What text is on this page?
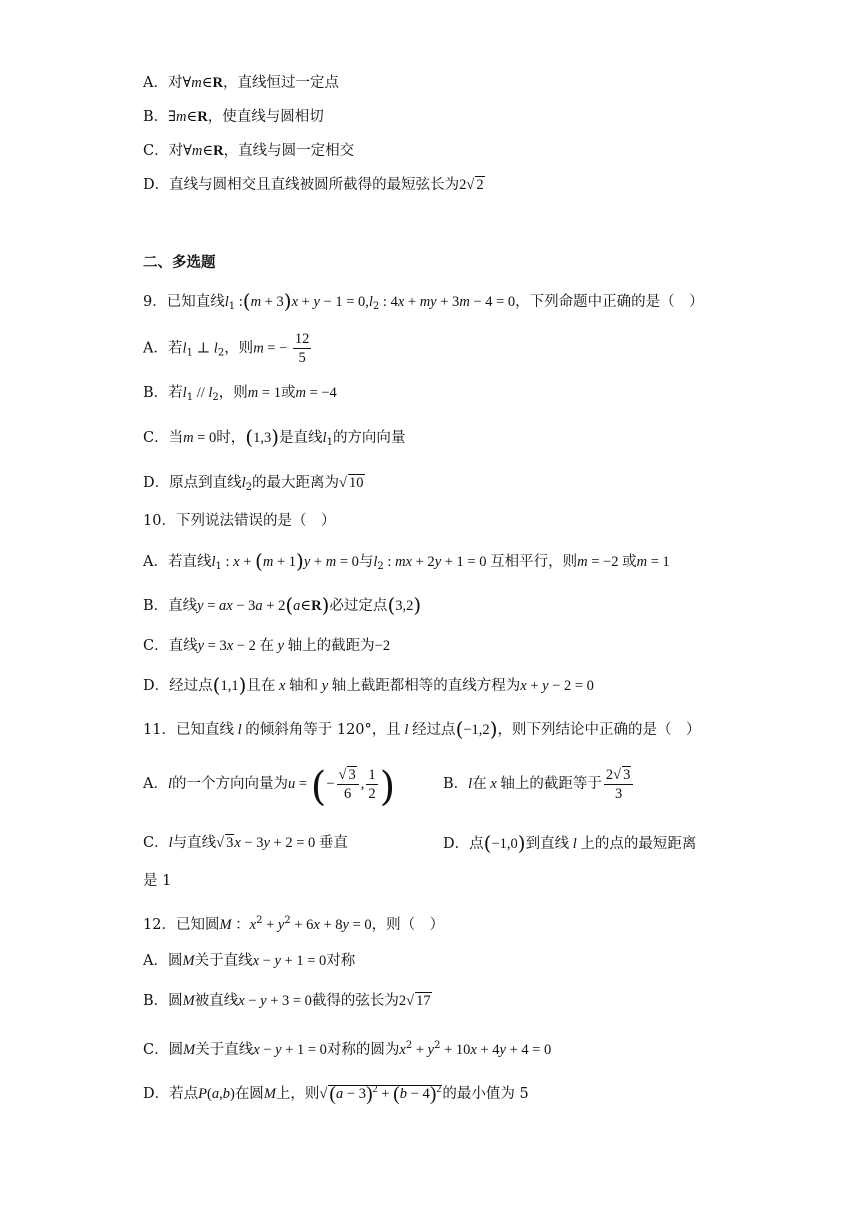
A．对∀m∈R，直线恒过一定点
B．∃m∈R，使直线与圆相切
C．对∀m∈R，直线与圆一定相交
D．直线与圆相交且直线被圆所截得的最短弦长为2√ 2
二、多选题
9．已知直线$l_1$ :(m + $3)x + y - 1 = 0,l_2$ : 4x + my + 3m − 4 = 0，下列命题中正确的是（　）
A．若$l_1$ ⊥ $l_2$，则m = − $\frac{12}{5}$
B．若$l_1 // l_2$，则m = 1或m = −4
C．当m = 0时，(1,3)是直线$l_1$的方向向量
D．原点到直线$l_2$的最大距离为√ 10
10．下列说法错误的是（　）
A．若直线$l_1$ : x + (m + 1)y + m = 0与$l_2$ : mx + 2y + 1 = 0 互相平行，则m = −2 或m = 1
B．直线y = ax − 3a + 2(a∈R)必过定点(3,2)
C．直线y = 3x − 2 在 y 轴上的截距为−2
D．经过点(1,1)且在 x 轴和 y 轴上截距都相等的直线方程为x + y − 2 = 0
11．已知直线 l 的倾斜角等于 120°，且 l 经过点(−1,2)，则下列结论中正确的是（　）
A．l的一个方向向量为u = (− $\frac{√ 3}{6}$ , $\frac{1}{2}$ )	B．l在 x 轴上的截距等于 $\frac{2√ 3}{3}$
C．l与直线√ 3x − 3y + 2 = 0 垂直	D．点(−1,0)到直线 l 上的点的最短距离
是 1
12．已知圆M ：$x^2 + y^2 + 6x + 8y = 0$，则（　）
A．圆M关于直线x − y + 1 = 0对称
B．圆M被直线x − y + 3 = 0截得的弦长为2√ 17
C．圆M关于直线x − y + 1 = 0对称的圆为$x^2 + y^2 + 10x + 4y + 4 = 0$
D．若点P(a,b)在圆M上，则√ $(a - 3)^2 + (b - 4)^2$的最小值为 5
